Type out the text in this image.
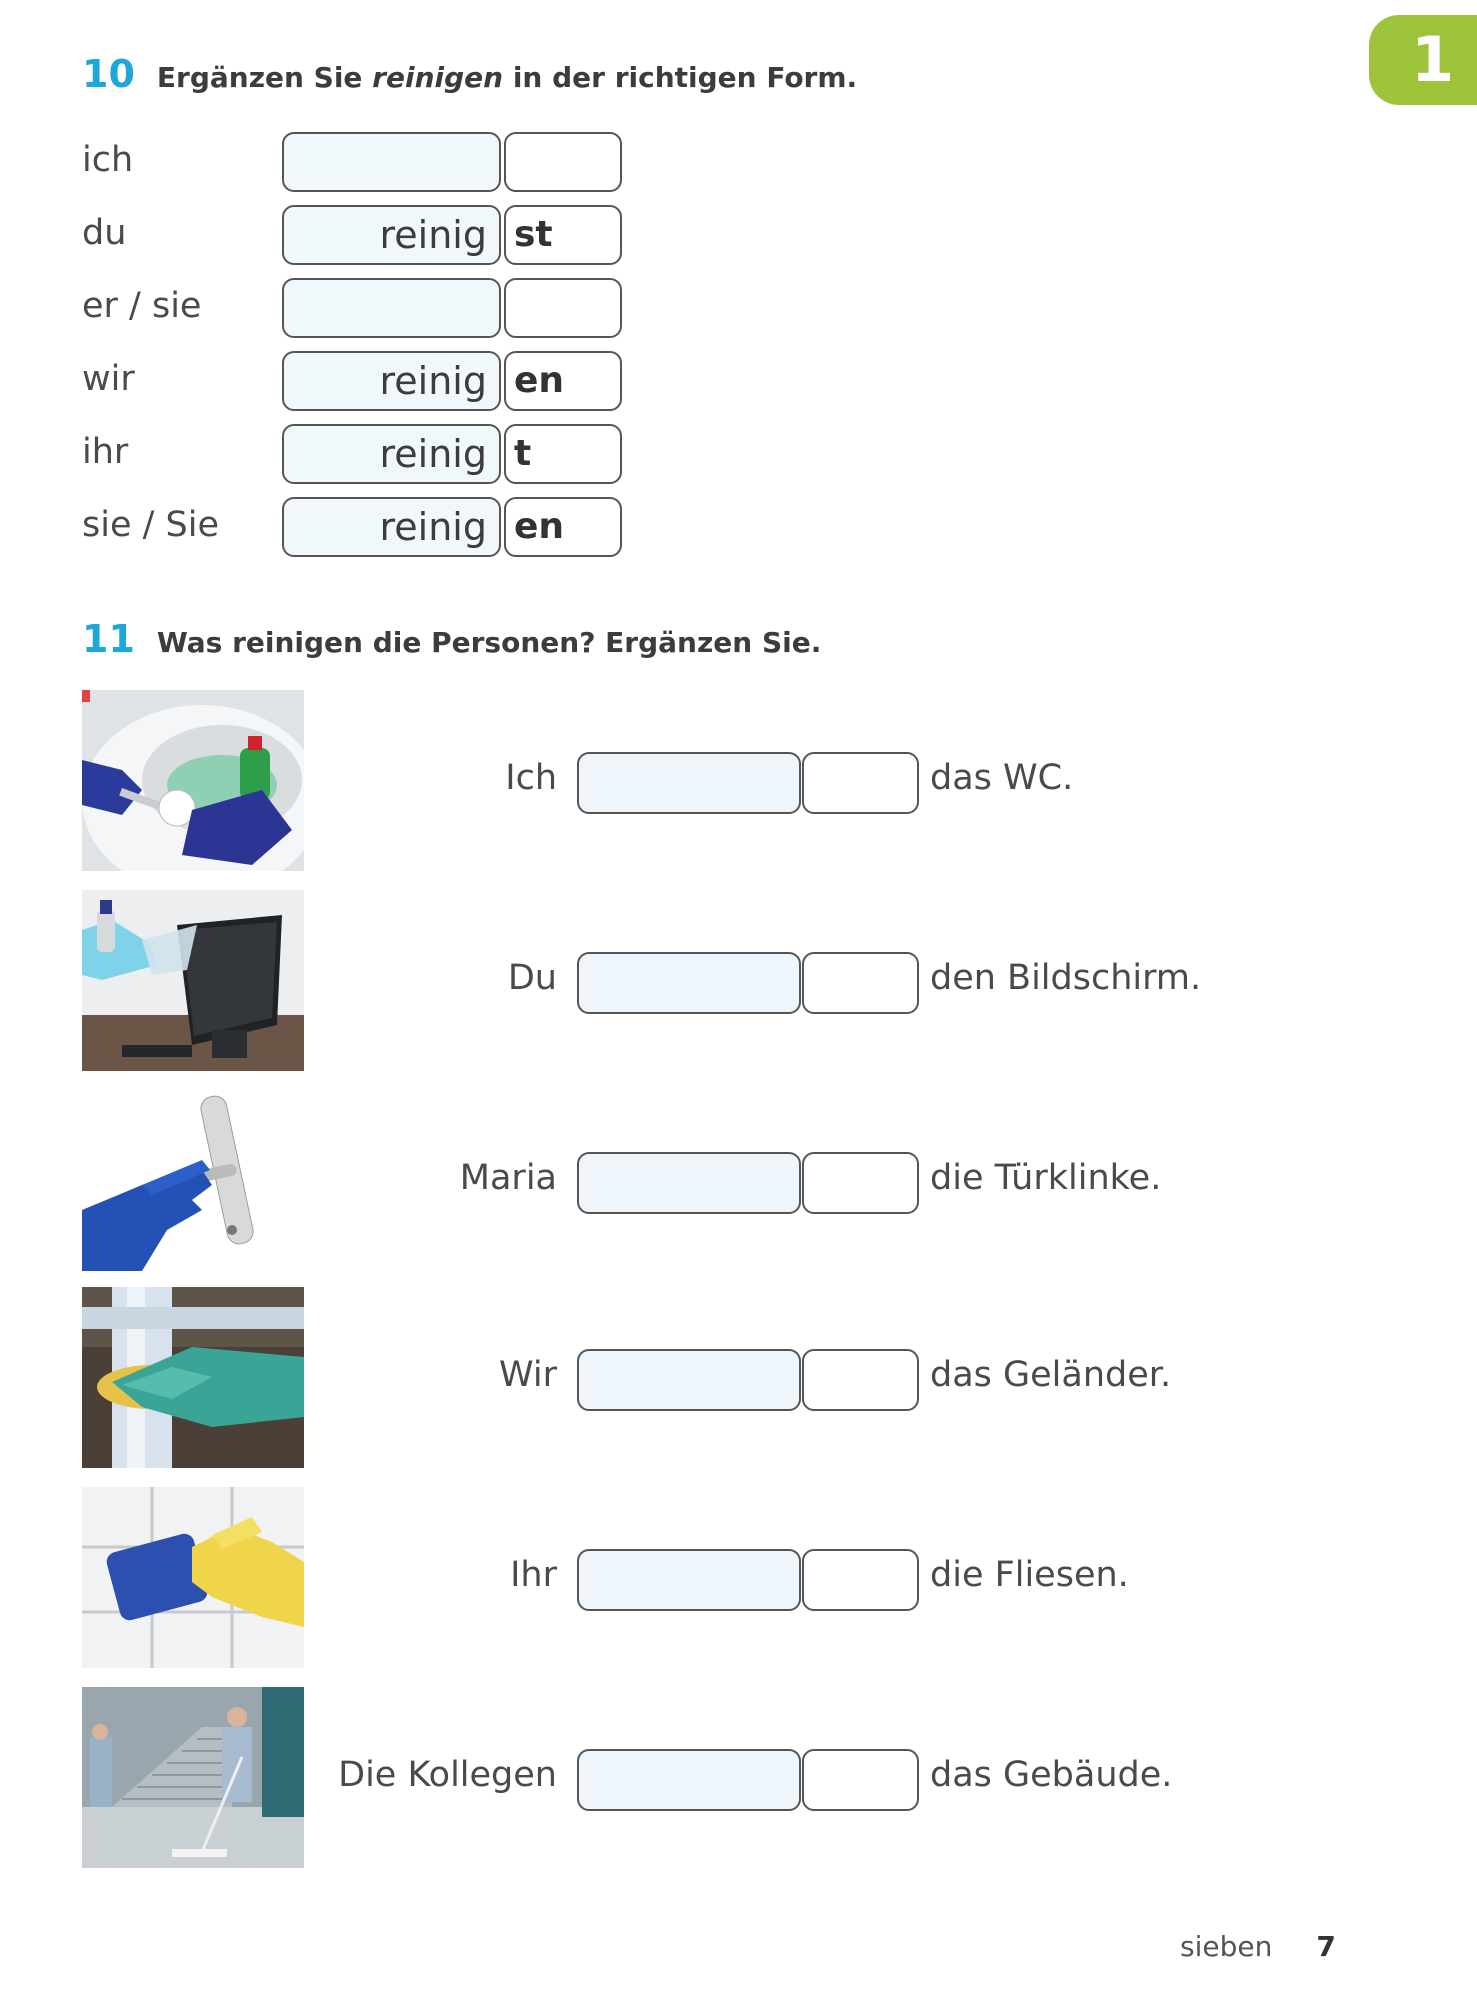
1
10 Ergänzen Sie reinigen in der richtigen Form.
ich
du	reinig st
er / sie
wir	reinig en
ihr	reinig t
sie / Sie	reinig en
11 Was reinigen die Personen? Ergänzen Sie.
Ich	das WC.
Du	den Bildschirm.
Maria	die Türklinke.
Wir	das Geländer.
Ihr	die Fliesen.
Die Kollegen	das Gebäude.
sieben 7
